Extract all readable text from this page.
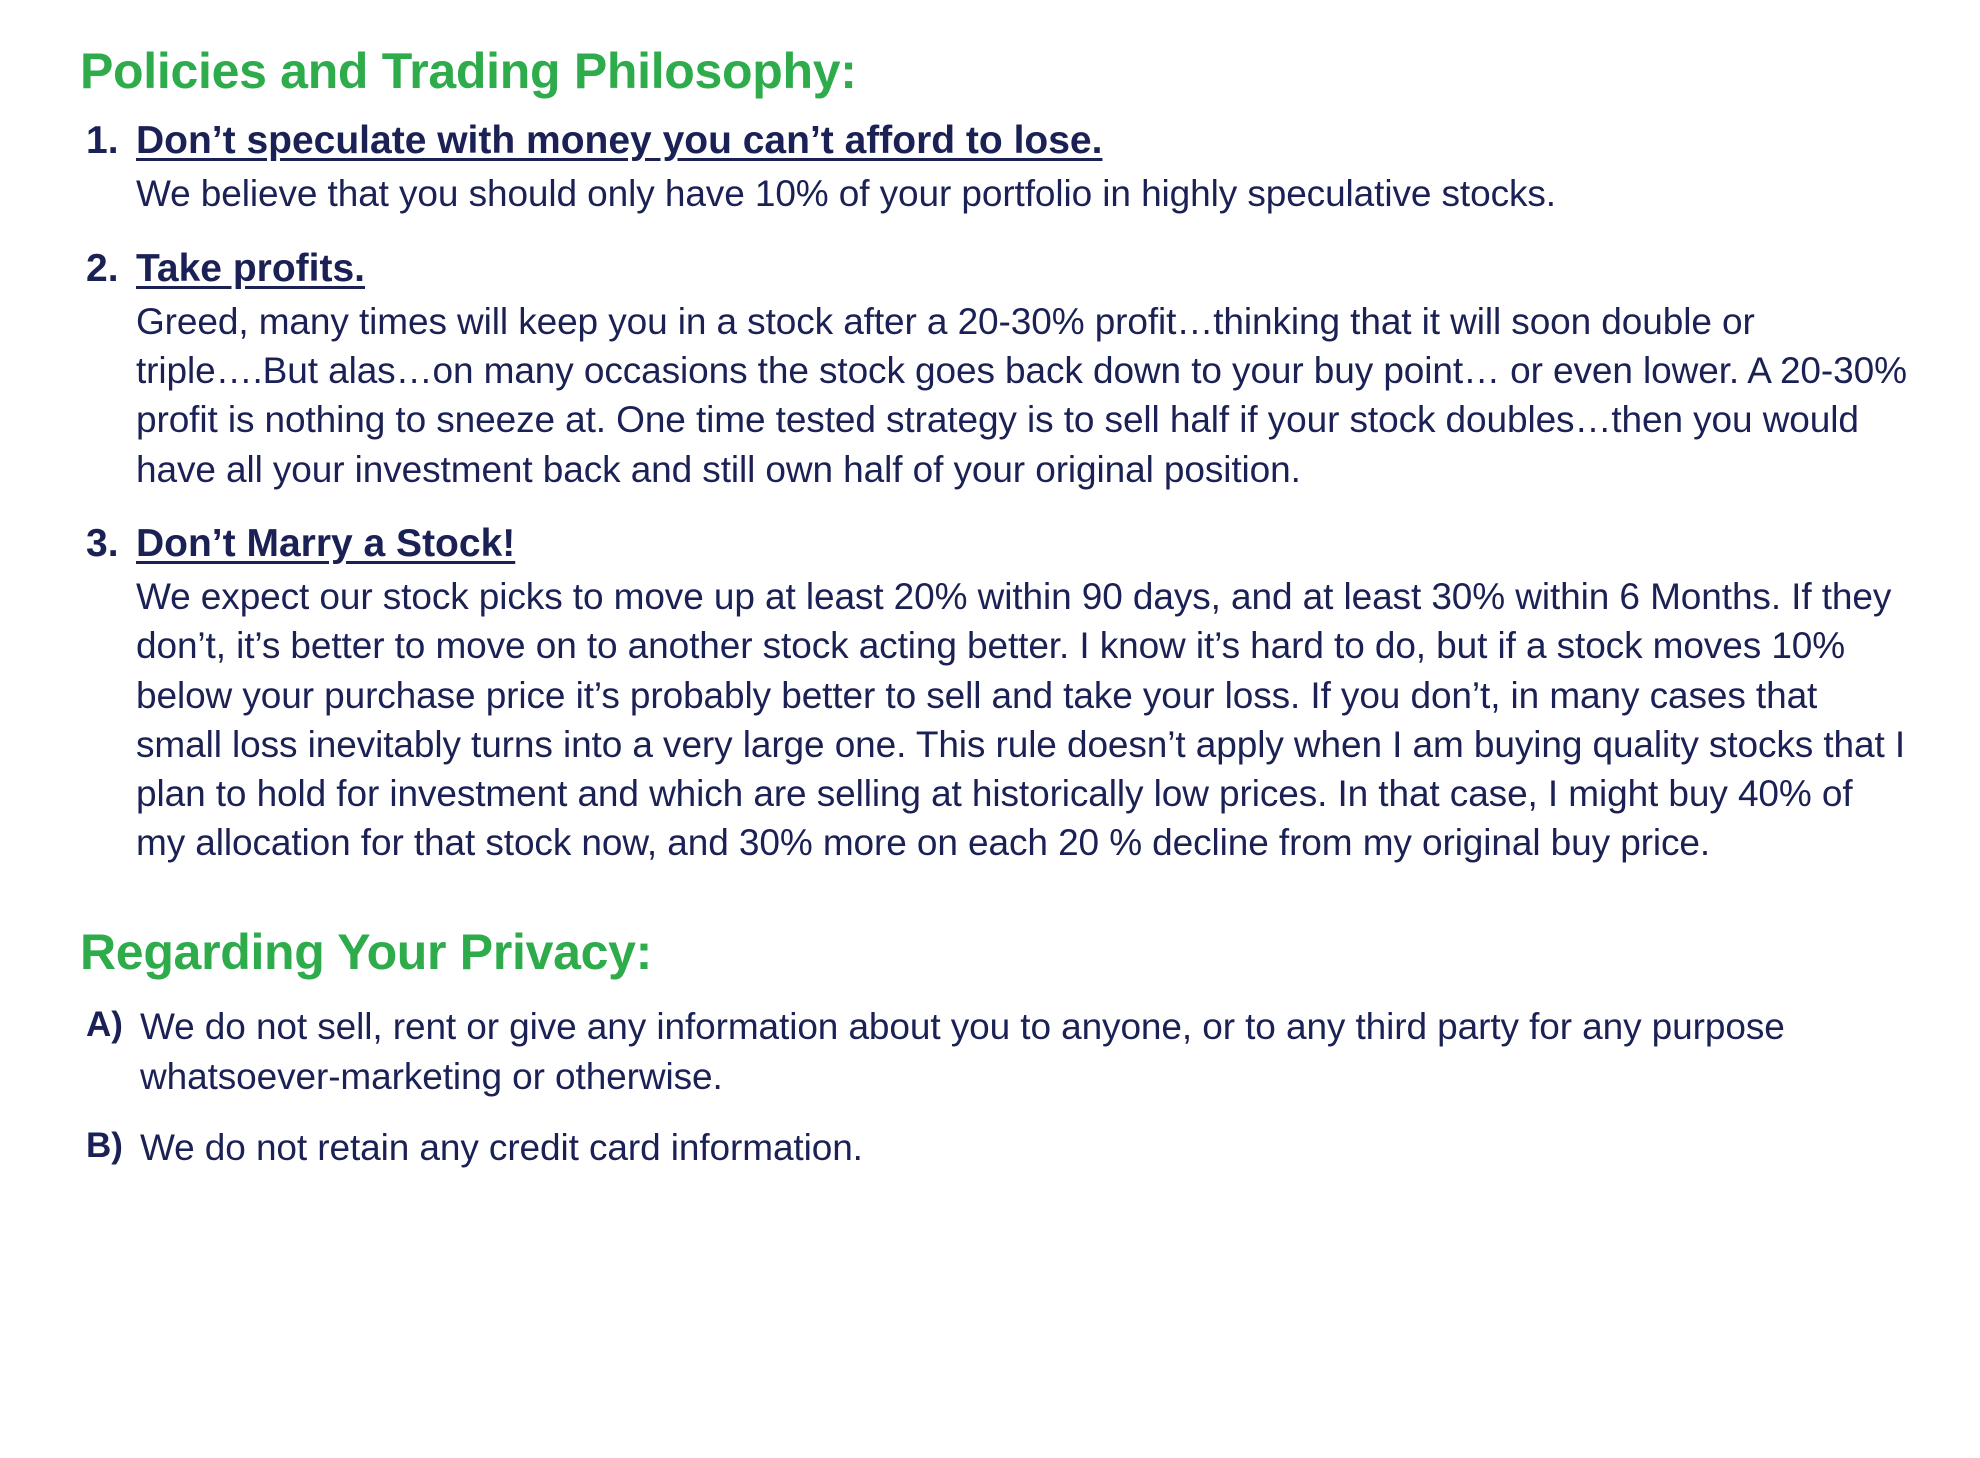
Policies and Trading Philosophy:
1. Don’t speculate with money you can’t afford to lose.

We believe that you should only have 10% of your portfolio in highly speculative stocks.

2. Take profits.

Greed, many times will keep you in a stock after a 20-30% profit…thinking that it will soon double or triple….But alas…on many occasions the stock goes back down to your buy point… or even lower. A 20-30% profit is nothing to sneeze at. One time tested strategy is to sell half if your stock doubles…then you would have all your investment back and still own half of your original position.

3. Don’t Marry a Stock!

We expect our stock picks to move up at least 20% within 90 days, and at least 30% within 6 Months. If they don’t, it’s better to move on to another stock acting better. I know it’s hard to do, but if a stock moves 10% below your purchase price it’s probably better to sell and take your loss. If you don’t, in many cases that small loss inevitably turns into a very large one. This rule doesn’t apply when I am buying quality stocks that I plan to hold for investment and which are selling at historically low prices. In that case, I might buy 40% of my allocation for that stock now, and 30% more on each 20 % decline from my original buy price.

Regarding Your Privacy:
A) We do not sell, rent or give any information about you to anyone, or to any third party for any purpose whatsoever-marketing or otherwise.

B) We do not retain any credit card information.
